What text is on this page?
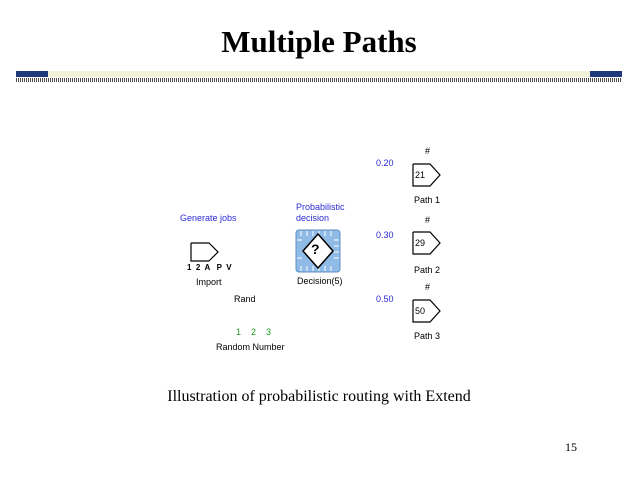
Multiple Paths
?
Generate jobs
1  2  A   P  V
Import
Probabilistic
decision
Decision(5)
Rand
1    2    3
Random Number
0.20
#
21
Path 1
0.30
#
29
Path 2
0.50
#
50
Path 3
Illustration of probabilistic routing with Extend
15
